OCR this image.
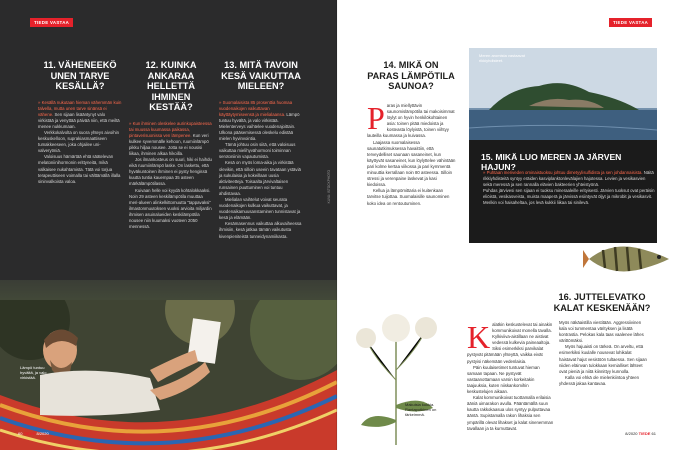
TIEDE VASTAA
11. VÄHENEEKÖ UNEN TARVE KESÄLLÄ?

» Kesällä nukutaan hieman vähemmän kuin talvella, mutta unen tarve sinänsä ei vähene. Sen sijaan lisääntynyt valo virkistää ja venyttää päivää niin, että meiltä menee nukkumaan.

Verkkokalvolta on suora yhteys aivoihin keskuskelloon, suprakiasmaattiseen tumakkeeseen, joka ohjailee uni-valverytmiä.

Valoisuus hämärtää ehtä säätelevan melatoniinihormonin erittyneitä, mikä valkaisee nukahtamista. Tätä voi torjua terapeuttiseen voimalla tai välttämällä illalla sininvalkoista valoa.

12. KUINKA ANKARAA HELLETTÄ IHMINEN KESTÄÄ?

» Kun ihminen oleskelee aurinkopaisteessa tai muussa kuumassa paikassa, pintaverisuonissa ven lämpenee. Kun veri kulkee syvemmälle kehoon, ruumiinlämpö pikku hiljaa nousee. Jotta se ei nousisi liikaa, ihminen alkaa hikoilla.

Jos ilmankosteus on suuri, hiki ei haihdu eikä ruumiinlämpö laske. On laskettu, että hyväkuntoinen ihminen ei pysty hengissä kuutta tuntia kauempaa 35 asteen märkälämpötilassa.

Kuivaan helle voi kyydä kohtalokkaaksi. Noin 29 asteen keskilämpötila muuttaa meri-alueen alinkelkittomuutta "tappavaksi" ilmastonmuutoksen vuoksi arvioita miljardin ihmisen asuinalueiden keskilämpötila nousee niin kuumaksi vuoteen 2050 mennessä.

13. MITÄ TAVOIN KESÄ VAIKUTTAA MIELEEN?

» Suomalaisista 85 prosenttia huomaa vuodenaikojen vaikuttavan käyttäytymiseensä ja mielialaansa. Lämpö tuntuu hyvältä, ja valo virkistää. Mielenterveys vaihtelee vuodenajoittain. Ulkona pääsemisessä oleskelu edistää mielen hyvinvointia.

Tämä johtuu osin siitä, että valoisuus vaikuttaa mielihyvähormoni toiminnan serotoniinin vapautumista.

Kesä on myös loma-aika ja virkistää olevikin, että silloin useein tavataan ystäviä ja sukulaisia ja kokeillaan uusia aktiviteetteja. Toisaalta järvivaltaisen runsainen puuttuminen voi tuntuu ahdistavaa.

Mielialan vaihtelut voivat seurata vuodenaikojen kulkua vaikuttavat, ja vuodenaikamuusanstaminen tunnistavat ja kesä ja elämään.

Kesämasennus vaikuttaa alkuvaiheessa ihmisiin, kesä jatkaa tämän vaikutusta kivenpieniteistä tunneidynamiikasta.

Lämpö tuntuu hyvältä, ja valo virkistää.
KUVA: ISTOCKPHOTO
60 TIEDE 8/2020
TIEDE VASTAA
14. MIKÄ ON PARAS LÄMPÖTILA SAUNOA?

Paras ja miellyttävin saunomislämpötila tai makoisimmat löylyt on hyvin henkilökohtainen asia: toinen pitää miedoista ja kosteasta löylyistä, toinen viihtyy lauteilla kuumassa ja kuivassa.

Laajassa suomalaisessa saunatutkimuksessa havaittiin, että terveydelliset saunaan sasaneinet, kun käyttyvät sasaneinet, kun löylyttelee vähintään pari kolme kertaa viikossa ja pari kymmentä minuuttia kerrallaan noin 80 asteessa. Silloin stressi ja verenpaine laskevat ja kasi kiedoissa.

Kellua ja lämpömittaria ei kuitenkaan tarvitse tuijottaa. Suomalaisille saunominen koko idea on rentoutuminen.

Meren aromista vastaavat rikkiyhdisteet.
15. MIKÄ LUO MEREN JA JÄRVEN HAJUN?

» Puhtaan meriveden ominaistuoksu johtuu dimetyylisulfidista ja sen johdannaisista. Näitä rikkiyhdisteitä syntyy eräiden kasviplanktonlevälajien hajotessa. Levien ja vesikasvien sekä meressä ja sen rannalla elävien bakteerien yhteistyönä.

Puhdas järvivesi sen sijaan ei tuoksu mineraaleille erityisesti. Järvien tuoksut ovat peräisin eliöistä, vesikasveista, muista maaperä ja järvissä esiintyvät öljyt ja mikrobit ja vesikasvit.

Merikin voi haisaheltaa, jos levä kukkii liikaa tai sinilevä.

Makuisia kukkia. Rantaputkinen on tärkeimmä.
16. JUTTELEVATKO KALAT KESKENÄÄN?

Kalatkin keskustelevat tai ainakin kommunikoivat monella tavalla. Kylkiviiva-aistillaan ne aistivat vedessä kulkevia paineaaltoja. Siksi esimerkiksi parvikalat pystyvät pitämään yhteyttä, vaikka eivät pystyisi näkemään vedenlaisia.

Päin kuulaisetimet tuntuvat hieman samaan tapaan. Ne pystyvät vastaanottamaan varsin korkeitakin taajuuksia, kuten niiskankomihin keskustelujen aikaan.

Kalat kommunikoivat tuottamalla erilaisia ääniä uimarakon avulla. Pääntämällä suun kautta rakkokaasua ulos syntyy pulputtavaa ääntä. Supistamalla rakon lihaksia sen ympärillä olevat lihakset ja kalat sinenemman tavallaan ja ta kurnuttavat.

Myös näkäaistilla viestitään. Aggressiivinen kala voi tummentaa värityksen ja lisätä kontrastia. Pelokas kala taas vaalenee lähes värittömäksi.

Myös hajuaisti on tärkeä. On arveltu, että esimerkiksi kuulalle nousevat lohikalat haistavat hajut vesistöön tultaessa. Sen sijaan niiden eläinvan tulokkaan kemialliset lähteet ovat pieniä ja niitä kiinnittyy kunnolla.

Kalla voi ehkä ole mielenkiintoa yhteen yhdessä jakaa kantavaa.

8/2020 TIEDE 61
